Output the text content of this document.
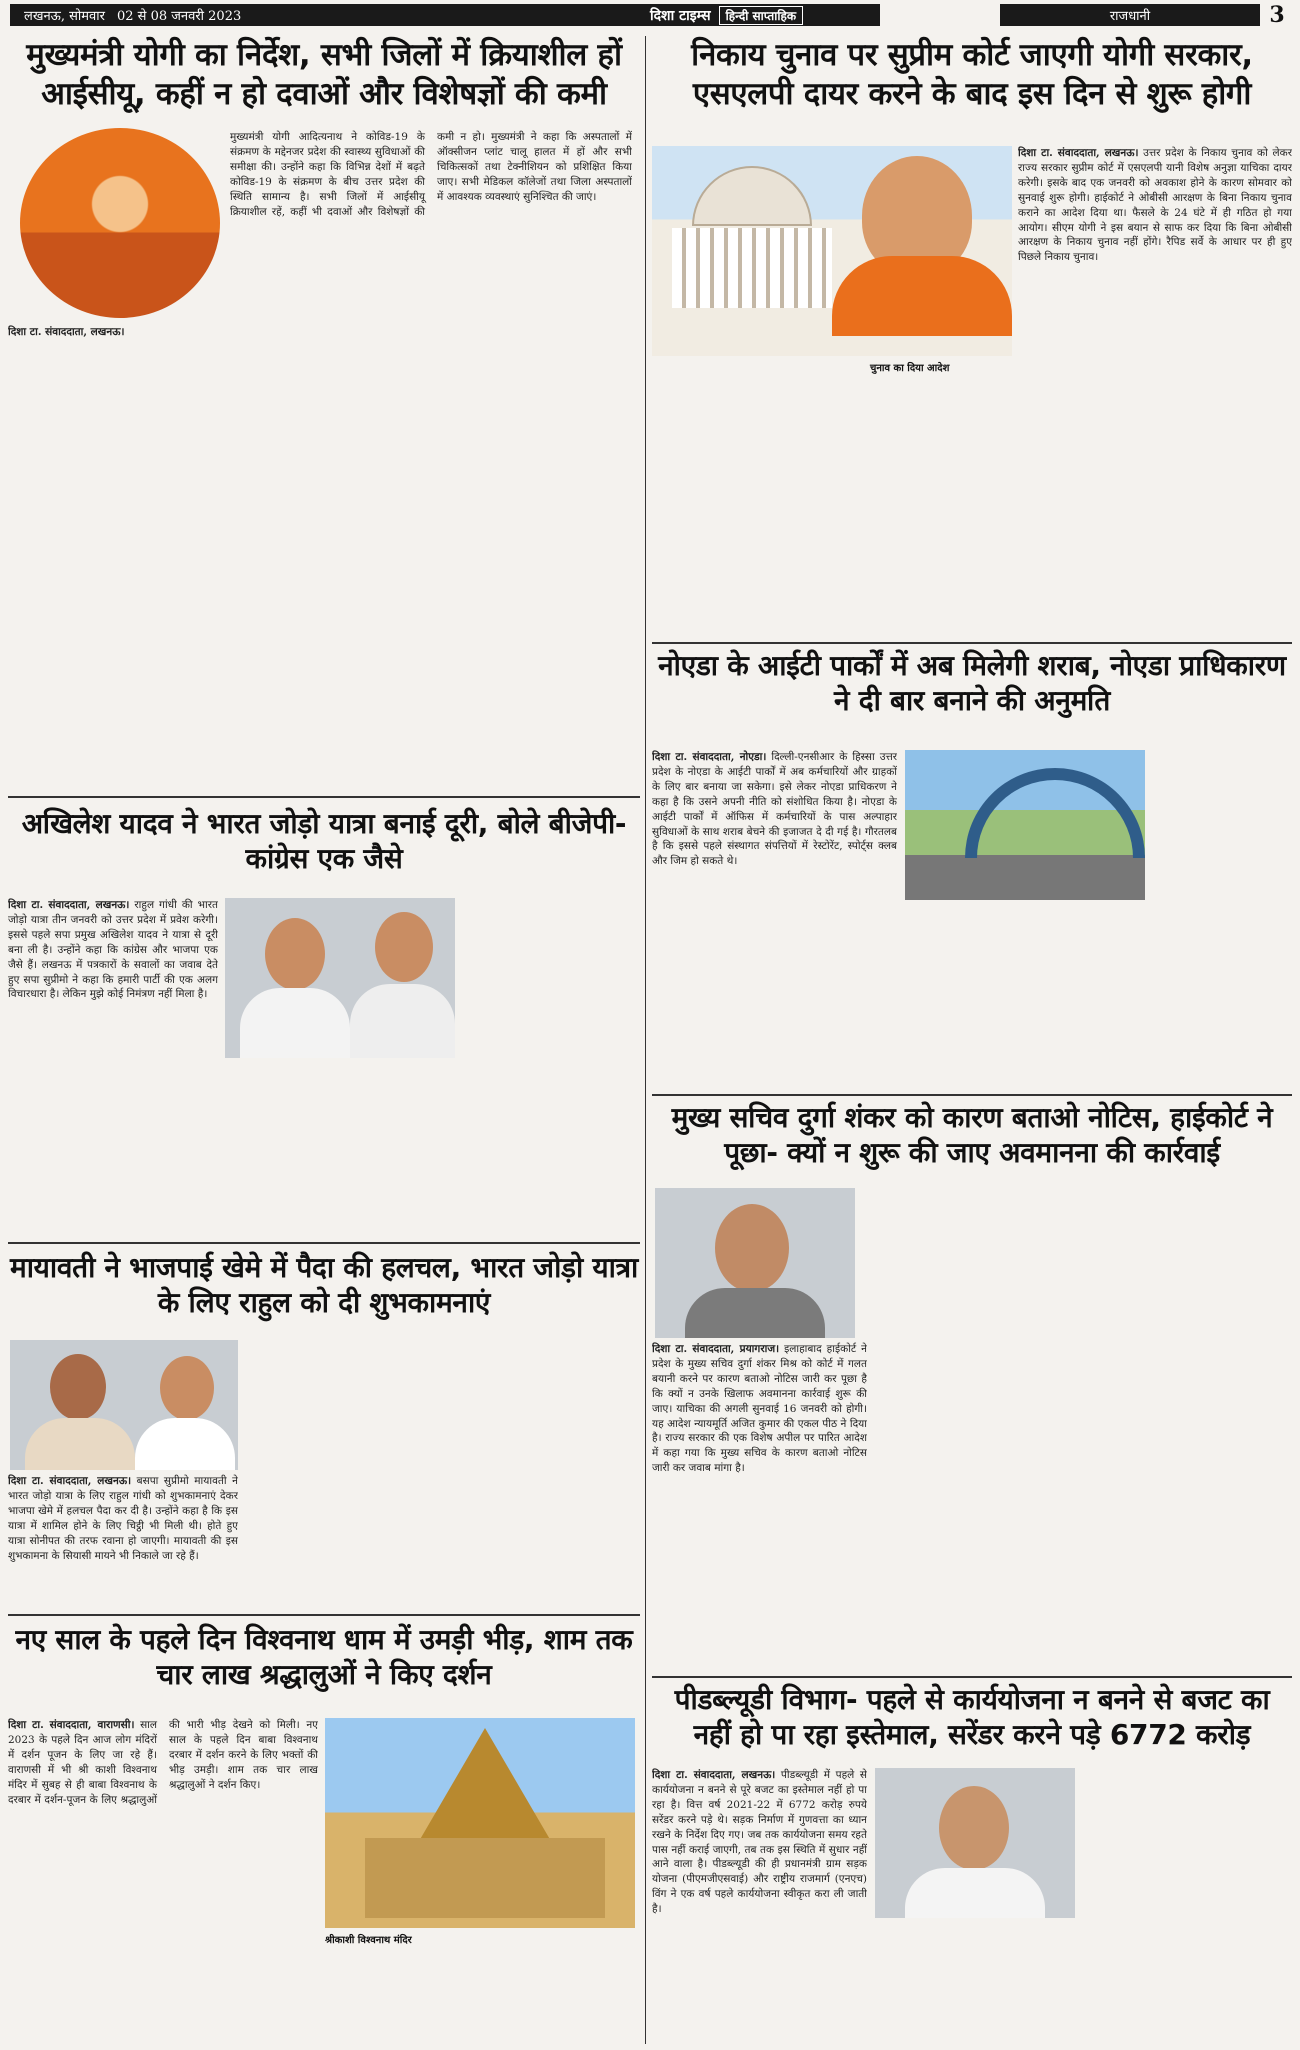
लखनऊ, सोमवार 02 से 08 जनवरी 2023	दिशा टाइम्स	हिन्दी साप्ताहिक	राजधानी	3
मुख्यमंत्री योगी का निर्देश, सभी जिलों में क्रियाशील हों आईसीयू, कहीं न हो दवाओं और विशेषज्ञों की कमी
मुख्यमंत्री योगी आदित्यनाथ ने कोविड-19 के संक्रमण के मद्देनजर प्रदेश की स्वास्थ्य सुविधाओं की समीक्षा की। उन्होंने कहा कि विभिन्न देशों में बढ़ते कोविड-19 के संक्रमण के बीच उत्तर प्रदेश की स्थिति सामान्य है। सभी जिलों में आईसीयू क्रियाशील रहें, कहीं भी दवाओं और विशेषज्ञों की कमी न हो। मुख्यमंत्री ने कहा कि अस्पतालों में ऑक्सीजन प्लांट चालू हालत में हों और सभी चिकित्सकों तथा टेक्नीशियन को प्रशिक्षित किया जाए। सभी मेडिकल कॉलेजों तथा जिला अस्पतालों में आवश्यक व्यवस्थाएं सुनिश्चित की जाएं।
दिशा टा. संवाददाता, लखनऊ।
अखिलेश यादव ने भारत जोड़ो यात्रा बनाई दूरी, बोले बीजेपी-कांग्रेस एक जैसे
दिशा टा. संवाददाता, लखनऊ। राहुल गांधी की भारत जोड़ो यात्रा तीन जनवरी को उत्तर प्रदेश में प्रवेश करेगी। इससे पहले सपा प्रमुख अखिलेश यादव ने यात्रा से दूरी बना ली है। उन्होंने कहा कि कांग्रेस और भाजपा एक जैसे हैं। लखनऊ में पत्रकारों के सवालों का जवाब देते हुए सपा सुप्रीमो ने कहा कि हमारी पार्टी की एक अलग विचारधारा है। लेकिन मुझे कोई निमंत्रण नहीं मिला है।
मायावती ने भाजपाई खेमे में पैदा की हलचल, भारत जोड़ो यात्रा के लिए राहुल को दी शुभकामनाएं
दिशा टा. संवाददाता, लखनऊ। बसपा सुप्रीमो मायावती ने भारत जोड़ो यात्रा के लिए राहुल गांधी को शुभकामनाएं देकर भाजपा खेमे में हलचल पैदा कर दी है। उन्होंने कहा है कि इस यात्रा में शामिल होने के लिए चिट्ठी भी मिली थी। होते हुए यात्रा सोनीपत की तरफ रवाना हो जाएगी। मायावती की इस शुभकामना के सियासी मायने भी निकाले जा रहे हैं।
नए साल के पहले दिन विश्वनाथ धाम में उमड़ी भीड़, शाम तक चार लाख श्रद्धालुओं ने किए दर्शन
दिशा टा. संवाददाता, वाराणसी। साल 2023 के पहले दिन आज लोग मंदिरों में दर्शन पूजन के लिए जा रहे हैं। वाराणसी में भी श्री काशी विश्वनाथ मंदिर में सुबह से ही बाबा विश्वनाथ के दरबार में दर्शन-पूजन के लिए श्रद्धालुओं की भारी भीड़ देखने को मिली। नए साल के पहले दिन बाबा विश्वनाथ दरबार में दर्शन करने के लिए भक्तों की भीड़ उमड़ी। शाम तक चार लाख श्रद्धालुओं ने दर्शन किए।
श्रीकाशी विश्वनाथ मंदिर
निकाय चुनाव पर सुप्रीम कोर्ट जाएगी योगी सरकार, एसएलपी दायर करने के बाद इस दिन से शुरू होगी
चुनाव का दिया आदेश
दिशा टा. संवाददाता, लखनऊ। उत्तर प्रदेश के निकाय चुनाव को लेकर राज्य सरकार सुप्रीम कोर्ट में एसएलपी यानी विशेष अनुज्ञा याचिका दायर करेगी। इसके बाद एक जनवरी को अवकाश होने के कारण सोमवार को सुनवाई शुरू होगी। हाईकोर्ट ने ओबीसी आरक्षण के बिना निकाय चुनाव कराने का आदेश दिया था। फैसले के 24 घंटे में ही गठित हो गया आयोग। सीएम योगी ने इस बयान से साफ कर दिया कि बिना ओबीसी आरक्षण के निकाय चुनाव नहीं होंगे। रैपिड सर्वे के आधार पर ही हुए पिछले निकाय चुनाव।
नोएडा के आईटी पार्कों में अब मिलेगी शराब, नोएडा प्राधिकारण ने दी बार बनाने की अनुमति
दिशा टा. संवाददाता, नोएडा। दिल्ली-एनसीआर के हिस्सा उत्तर प्रदेश के नोएडा के आईटी पार्कों में अब कर्मचारियों और ग्राहकों के लिए बार बनाया जा सकेगा। इसे लेकर नोएडा प्राधिकरण ने कहा है कि उसने अपनी नीति को संशोधित किया है। नोएडा के आईटी पार्कों में ऑफिस में कर्मचारियों के पास अल्पाहार सुविधाओं के साथ शराब बेचने की इजाजत दे दी गई है। गौरतलब है कि इससे पहले संस्थागत संपत्तियों में रेस्टोरेंट, स्पोर्ट्स क्लब और जिम हो सकते थे।
मुख्य सचिव दुर्गा शंकर को कारण बताओ नोटिस, हाईकोर्ट ने पूछा- क्यों न शुरू की जाए अवमानना की कार्रवाई
दिशा टा. संवाददाता, प्रयागराज। इलाहाबाद हाईकोर्ट ने प्रदेश के मुख्य सचिव दुर्गा शंकर मिश्र को कोर्ट में गलत बयानी करने पर कारण बताओ नोटिस जारी कर पूछा है कि क्यों न उनके खिलाफ अवमानना कार्रवाई शुरू की जाए। याचिका की अगली सुनवाई 16 जनवरी को होगी। यह आदेश न्यायमूर्ति अजित कुमार की एकल पीठ ने दिया है। राज्य सरकार की एक विशेष अपील पर पारित आदेश में कहा गया कि मुख्य सचिव के कारण बताओ नोटिस जारी कर जवाब मांगा है।
पीडब्ल्यूडी विभाग- पहले से कार्ययोजना न बनने से बजट का नहीं हो पा रहा इस्तेमाल, सरेंडर करने पड़े 6772 करोड़
दिशा टा. संवाददाता, लखनऊ। पीडब्ल्यूडी में पहले से कार्ययोजना न बनने से पूरे बजट का इस्तेमाल नहीं हो पा रहा है। वित्त वर्ष 2021-22 में 6772 करोड़ रुपये सरेंडर करने पड़े थे। सड़क निर्माण में गुणवत्ता का ध्यान रखने के निर्देश दिए गए। जब तक कार्ययोजना समय रहते पास नहीं कराई जाएगी, तब तक इस स्थिति में सुधार नहीं आने वाला है। पीडब्ल्यूडी की ही प्रधानमंत्री ग्राम सड़क योजना (पीएमजीएसवाई) और राष्ट्रीय राजमार्ग (एनएच) विंग ने एक वर्ष पहले कार्ययोजना स्वीकृत करा ली जाती है।
